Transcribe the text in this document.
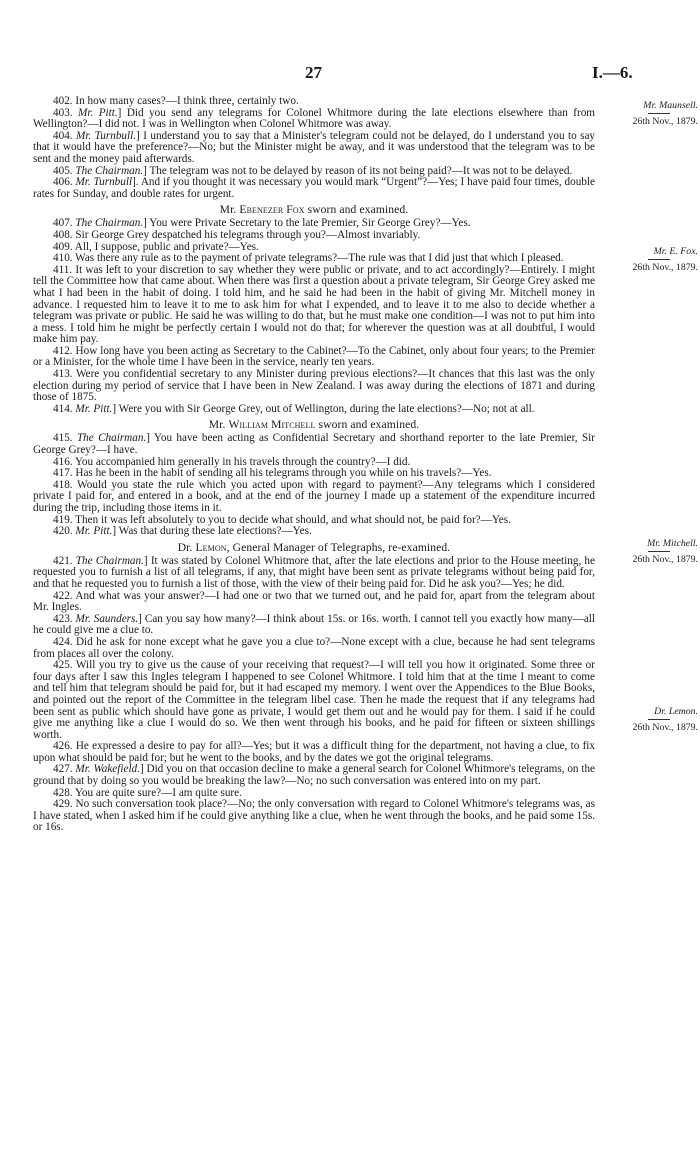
27	I.—6.
Mr. Maunsell.
26th Nov., 1879.
Mr. E. Fox.
26th Nov., 1879.
Mr. Mitchell.
26th Nov., 1879.
Dr. Lemon.
26th Nov., 1879.

402. In how many cases?—I think three, certainly two.

403. Mr. Pitt.] Did you send any telegrams for Colonel Whitmore during the late elections elsewhere than from Wellington?—I did not. I was in Wellington when Colonel Whitmore was away.

404. Mr. Turnbull.] I understand you to say that a Minister's telegram could not be delayed, do I understand you to say that it would have the preference?—No; but the Minister might be away, and it was understood that the telegram was to be sent and the money paid afterwards.

405. The Chairman.] The telegram was not to be delayed by reason of its not being paid?—It was not to be delayed.

406. Mr. Turnbull]. And if you thought it was necessary you would mark “Urgent”?—Yes; I have paid four times, double rates for Sunday, and double rates for urgent.

Mr. Ebenezer Fox sworn and examined.

407. The Chairman.] You were Private Secretary to the late Premier, Sir George Grey?—Yes.

408. Sir George Grey despatched his telegrams through you?—Almost invariably.

409. All, I suppose, public and private?—Yes.

410. Was there any rule as to the payment of private telegrams?—The rule was that I did just that which I pleased.

411. It was left to your discretion to say whether they were public or private, and to act accordingly?—Entirely. I might tell the Committee how that came about. When there was first a question about a private telegram, Sir George Grey asked me what I had been in the habit of doing. I told him, and he said he had been in the habit of giving Mr. Mitchell money in advance. I requested him to leave it to me to ask him for what I expended, and to leave it to me also to decide whether a telegram was private or public. He said he was willing to do that, but he must make one condition—I was not to put him into a mess. I told him he might be perfectly certain I would not do that; for wherever the question was at all doubtful, I would make him pay.

412. How long have you been acting as Secretary to the Cabinet?—To the Cabinet, only about four years; to the Premier or a Minister, for the whole time I have been in the service, nearly ten years.

413. Were you confidential secretary to any Minister during previous elections?—It chances that this last was the only election during my period of service that I have been in New Zealand. I was away during the elections of 1871 and during those of 1875.

414. Mr. Pitt.] Were you with Sir George Grey, out of Wellington, during the late elections?—No; not at all.

Mr. William Mitchell sworn and examined.

415. The Chairman.] You have been acting as Confidential Secretary and shorthand reporter to the late Premier, Sir George Grey?—I have.

416. You accompanied him generally in his travels through the country?—I did.

417. Has he been in the habit of sending all his telegrams through you while on his travels?—Yes.

418. Would you state the rule which you acted upon with regard to payment?—Any telegrams which I considered private I paid for, and entered in a book, and at the end of the journey I made up a statement of the expenditure incurred during the trip, including those items in it.

419. Then it was left absolutely to you to decide what should, and what should not, be paid for?—Yes.

420. Mr. Pitt.] Was that during these late elections?—Yes.

Dr. Lemon, General Manager of Telegraphs, re-examined.

421. The Chairman.] It was stated by Colonel Whitmore that, after the late elections and prior to the House meeting, he requested you to furnish a list of all telegrams, if any, that might have been sent as private telegrams without being paid for, and that he requested you to furnish a list of those, with the view of their being paid for. Did he ask you?—Yes; he did.

422. And what was your answer?—I had one or two that we turned out, and he paid for, apart from the telegram about Mr. Ingles.

423. Mr. Saunders.] Can you say how many?—I think about 15s. or 16s. worth. I cannot tell you exactly how many—all he could give me a clue to.

424. Did he ask for none except what he gave you a clue to?—None except with a clue, because he had sent telegrams from places all over the colony.

425. Will you try to give us the cause of your receiving that request?—I will tell you how it originated. Some three or four days after I saw this Ingles telegram I happened to see Colonel Whitmore. I told him that at the time I meant to come and tell him that telegram should be paid for, but it had escaped my memory. I went over the Appendices to the Blue Books, and pointed out the report of the Committee in the telegram libel case. Then he made the request that if any telegrams had been sent as public which should have gone as private, I would get them out and he would pay for them. I said if he could give me anything like a clue I would do so. We then went through his books, and he paid for fifteen or sixteen shillings worth.

426. He expressed a desire to pay for all?—Yes; but it was a difficult thing for the department, not having a clue, to fix upon what should be paid for; but he went to the books, and by the dates we got the original telegrams.

427. Mr. Wakefield.] Did you on that occasion decline to make a general search for Colonel Whitmore's telegrams, on the ground that by doing so you would be breaking the law?—No; no such conversation was entered into on my part.

428. You are quite sure?—I am quite sure.

429. No such conversation took place?—No; the only conversation with regard to Colonel Whitmore's telegrams was, as I have stated, when I asked him if he could give anything like a clue, when he went through the books, and he paid some 15s. or 16s.
